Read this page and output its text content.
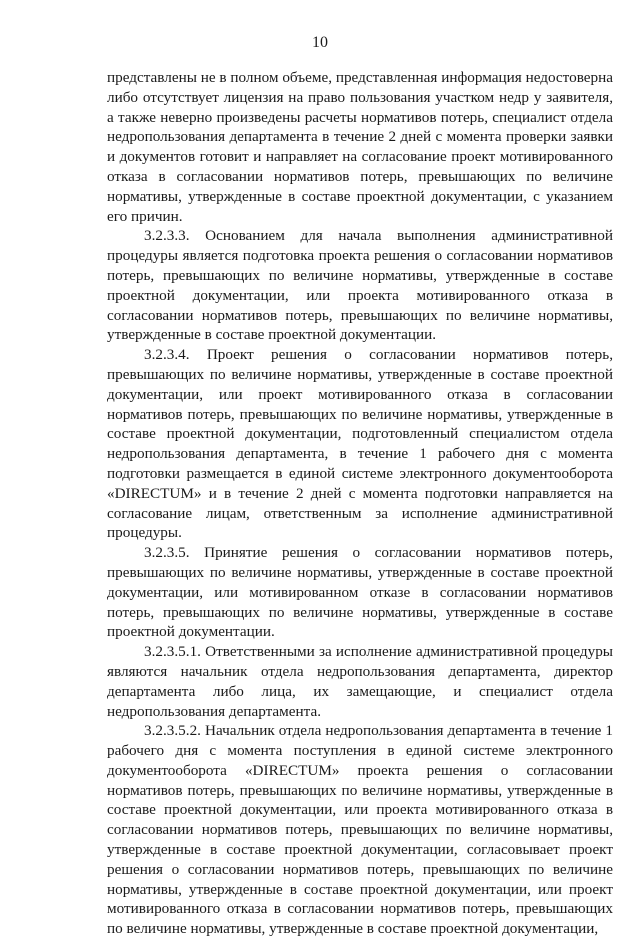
10

представлены не в полном объеме, представленная информация недостоверна либо отсутствует лицензия на право пользования участком недр у заявителя, а также неверно произведены расчеты нормативов потерь, специалист отдела недропользования департамента в течение 2 дней с момента проверки заявки и документов готовит и направляет на согласование проект мотивированного отказа в согласовании нормативов потерь, превышающих по величине нормативы, утвержденные в составе проектной документации, с указанием его причин.

3.2.3.3. Основанием для начала выполнения административной процедуры является подготовка проекта решения о согласовании нормативов потерь, превышающих по величине нормативы, утвержденные в составе проектной документации, или проекта мотивированного отказа в согласовании нормативов потерь, превышающих по величине нормативы, утвержденные в составе проектной документации.

3.2.3.4. Проект решения о согласовании нормативов потерь, превышающих по величине нормативы, утвержденные в составе проектной документации, или проект мотивированного отказа в согласовании нормативов потерь, превышающих по величине нормативы, утвержденные в составе проектной документации, подготовленный специалистом отдела недропользования департамента, в течение 1 рабочего дня с момента подготовки размещается в единой системе электронного документооборота «DIRECTUM» и в течение 2 дней с момента подготовки направляется на согласование лицам, ответственным за исполнение административной процедуры.

3.2.3.5. Принятие решения о согласовании нормативов потерь, превышающих по величине нормативы, утвержденные в составе проектной документации, или мотивированном отказе в согласовании нормативов потерь, превышающих по величине нормативы, утвержденные в составе проектной документации.

3.2.3.5.1. Ответственными за исполнение административной процедуры являются начальник отдела недропользования департамента, директор департамента либо лица, их замещающие, и специалист отдела недропользования департамента.

3.2.3.5.2. Начальник отдела недропользования департамента в течение 1 рабочего дня с момента поступления в единой системе электронного документооборота «DIRECTUM» проекта решения о согласовании нормативов потерь, превышающих по величине нормативы, утвержденные в составе проектной документации, или проекта мотивированного отказа в согласовании нормативов потерь, превышающих по величине нормативы, утвержденные в составе проектной документации, согласовывает проект решения о согласовании нормативов потерь, превышающих по величине нормативы, утвержденные в составе проектной документации, или проект мотивированного отказа в согласовании нормативов потерь, превышающих по величине нормативы, утвержденные в составе проектной документации,
